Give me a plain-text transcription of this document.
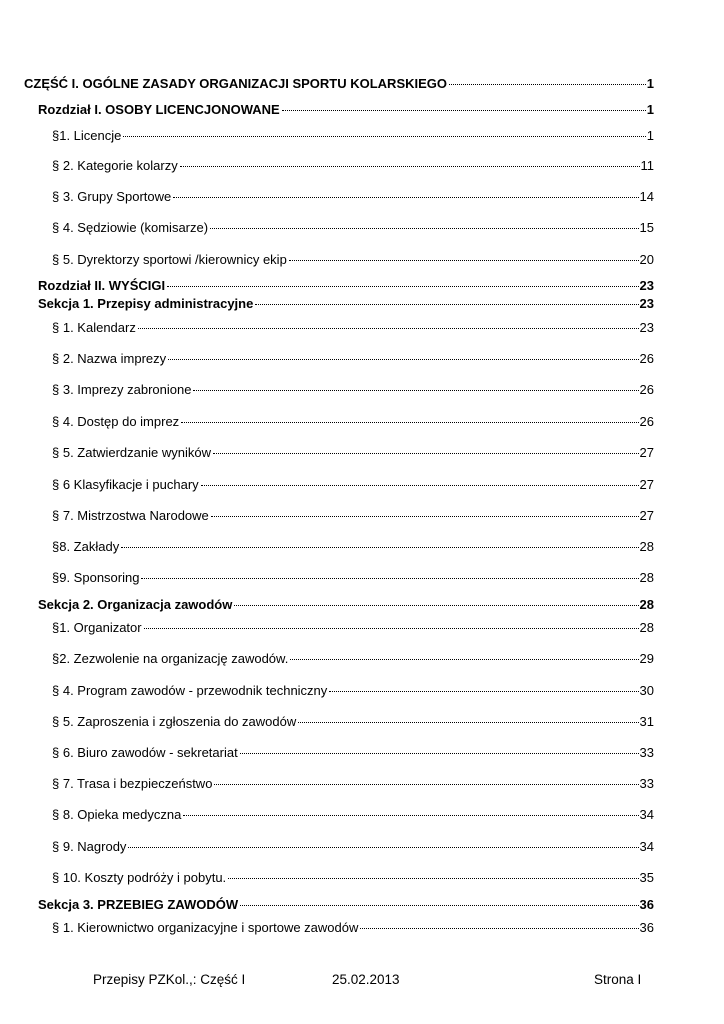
CZĘŚĆ I. OGÓLNE ZASADY ORGANIZACJI SPORTU KOLARSKIEGO	1
Rozdział I. OSOBY LICENCJONOWANE	1
§1. Licencje	1
§ 2. Kategorie kolarzy	11
§ 3. Grupy Sportowe	14
§ 4. Sędziowie (komisarze)	15
§ 5. Dyrektorzy sportowi /kierownicy ekip	20
Rozdział II. WYŚCIGI	23
Sekcja 1. Przepisy administracyjne	23
§ 1. Kalendarz	23
§ 2. Nazwa imprezy	26
§ 3. Imprezy zabronione	26
§ 4. Dostęp do imprez	26
§ 5. Zatwierdzanie wyników	27
§ 6 Klasyfikacje i puchary	27
§ 7. Mistrzostwa Narodowe	27
§8. Zakłady	28
§9. Sponsoring	28
Sekcja 2. Organizacja zawodów	28
§1. Organizator	28
§2. Zezwolenie na organizację zawodów.	29
§ 4. Program zawodów - przewodnik techniczny	30
§ 5. Zaproszenia i zgłoszenia do zawodów	31
§ 6. Biuro zawodów - sekretariat	33
§ 7. Trasa i bezpieczeństwo	33
§ 8. Opieka medyczna	34
§ 9. Nagrody	34
§ 10. Koszty podróży i pobytu.	35
Sekcja 3. PRZEBIEG ZAWODÓW	36
§ 1. Kierownictwo organizacyjne i sportowe zawodów	36
Przepisy PZKol.,: Część I	25.02.2013	Strona I
